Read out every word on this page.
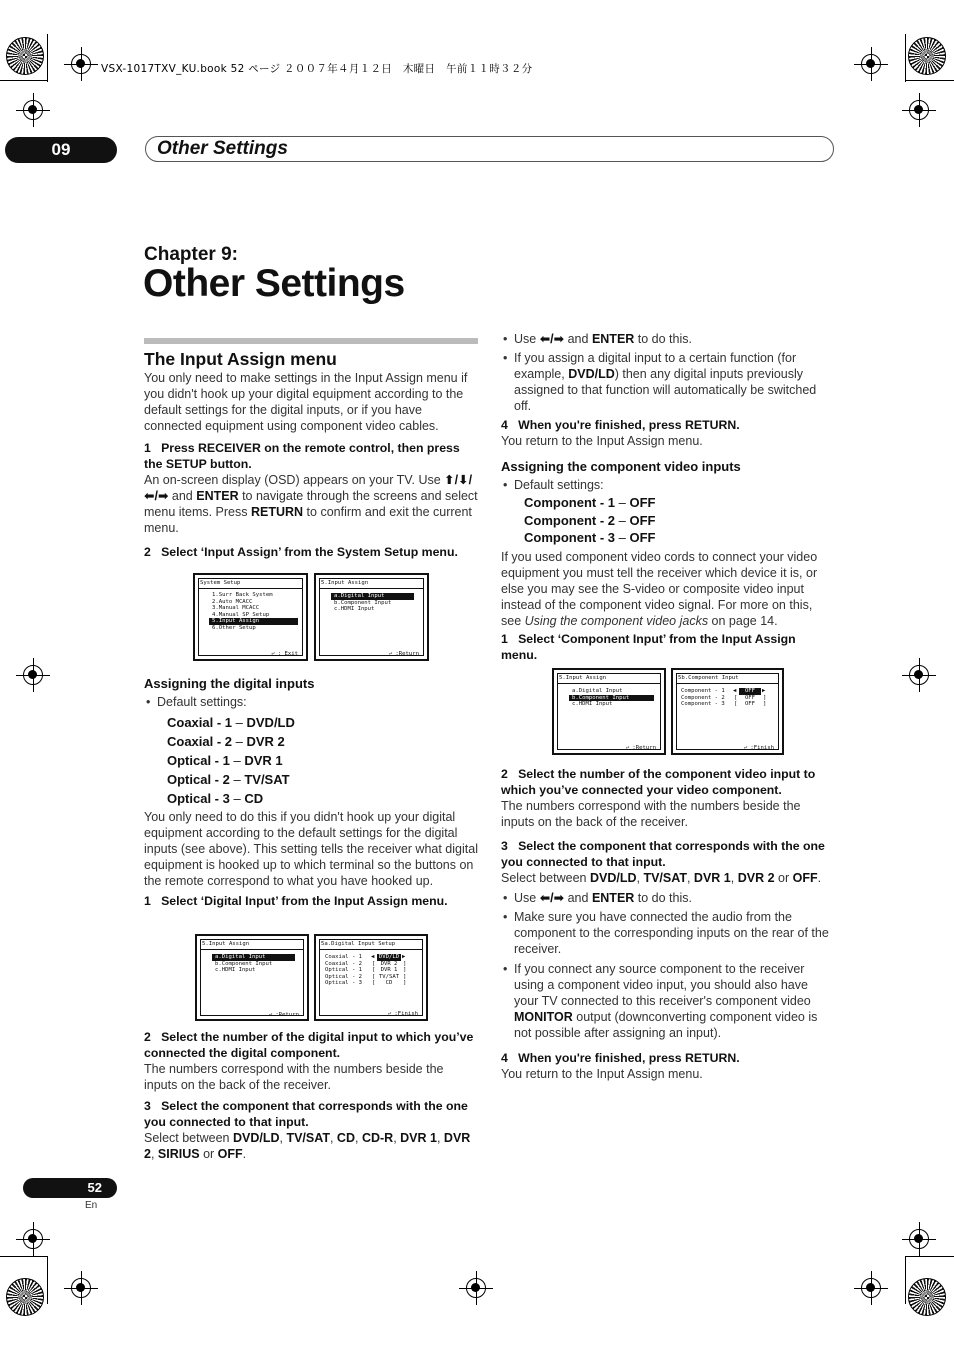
VSX-1017TXV_KU.book 52 ページ ２００７年４月１２日　木曜日　午前１１時３２分
09	Other Settings
Chapter 9:
Other Settings

The Input Assign menu

You only need to make settings in the Input Assign menu if you didn't hook up your digital equipment according to the default settings for the digital inputs, or if you have connected equipment using component video cables.

1 Press RECEIVER on the remote control, then press the SETUP button.

An on-screen display (OSD) appears on your TV. Use ⬆/⬇/⬅/➡ and ENTER to navigate through the screens and select menu items. Press RETURN to confirm and exit the current menu.

2 Select ‘Input Assign’ from the System Setup menu.

System Setup
1.Surr Back System
2.Auto MCACC
3.Manual MCACC
4.Manual SP Setup
5.Input Assign
6.Other Setup
⤶ : Exit
5.Input Assign
a.Digital Input
b.Component Input
c.HDMI Input
⤶ :Return

Assigning the digital inputs

• Default settings:

Coaxial - 1 – DVD/LD

Coaxial - 2 – DVR 2

Optical - 1 – DVR 1

Optical - 2 – TV/SAT

Optical - 3 – CD

You only need to do this if you didn't hook up your digital equipment according to the default settings for the digital inputs (see above). This setting tells the receiver what digital equipment is hooked up to which terminal so the buttons on the remote correspond to what you have hooked up.

1 Select ‘Digital Input’ from the Input Assign menu.

5.Input Assign
a.Digital Input
b.Component Input
c.HDMI Input
⤶ :Return
5a.Digital Input Setup
Coaxial - 1 ◀ DVD/LD ▶
Coaxial - 2 [ DVR 2 ]
Optical - 1 [ DVR 1 ]
Optical - 2 [ TV/SAT ]
Optical - 3 [	CD	]
⤶ :Finish

2 Select the number of the digital input to which you’ve connected the digital component.

The numbers correspond with the numbers beside the inputs on the back of the receiver.

3 Select the component that corresponds with the one you connected to that input.

Select between DVD/LD, TV/SAT, CD, CD-R, DVR 1, DVR 2, SIRIUS or OFF.

• Use ⬅/➡ and ENTER to do this.

• If you assign a digital input to a certain function (for example, DVD/LD) then any digital inputs previously assigned to that function will automatically be switched off.

4 When you're finished, press RETURN.

You return to the Input Assign menu.

Assigning the component video inputs

• Default settings:

Component - 1 – OFF

Component - 2 – OFF

Component - 3 – OFF

If you used component video cords to connect your video equipment you must tell the receiver which device it is, or else you may see the S-video or composite video input instead of the component video signal. For more on this, see Using the component video jacks on page 14.

1 Select ‘Component Input’ from the Input Assign menu.

5.Input Assign
a.Digital Input
b.Component Input
c.HDMI Input
⤶ :Return
5b.Component Input
Component - 1 ◀	OFF	▶
Component - 2 [	OFF	]
Component - 3 [	OFF	]
⤶ :Finish

2 Select the number of the component video input to which you’ve connected your video component.

The numbers correspond with the numbers beside the inputs on the back of the receiver.

3 Select the component that corresponds with the one you connected to that input.

Select between DVD/LD, TV/SAT, DVR 1, DVR 2 or OFF.

• Use ⬅/➡ and ENTER to do this.

• Make sure you have connected the audio from the component to the corresponding inputs on the rear of the receiver.

• If you connect any source component to the receiver using a component video input, you should also have your TV connected to this receiver's component video MONITOR output (downconverting component video is not possible after assigning an input).

4 When you're finished, press RETURN.

You return to the Input Assign menu.

52
En
